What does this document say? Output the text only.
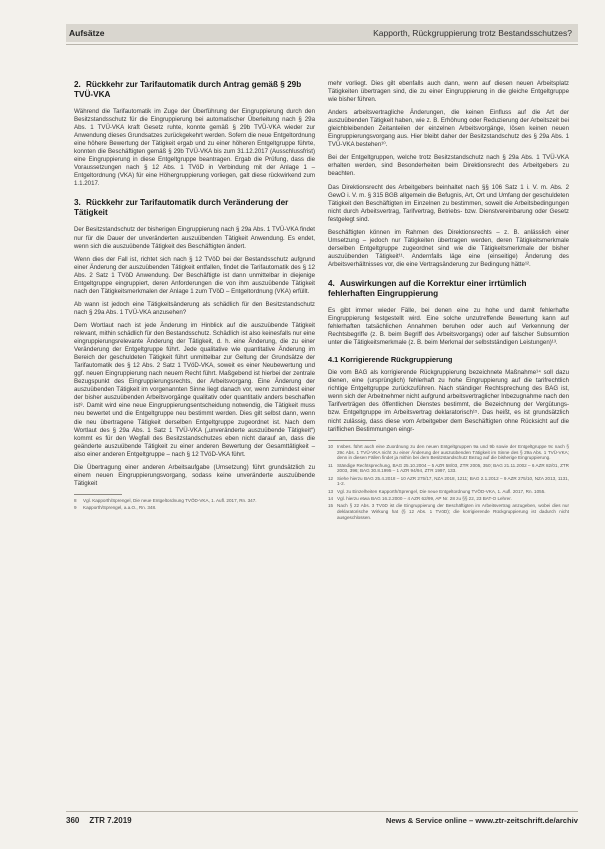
Aufsätze	Kapporth, Rückgruppierung trotz Bestandsschutzes?
2. Rückkehr zur Tarifautomatik durch Antrag gemäß § 29b TVÜ-VKA

Während die Tarifautomatik im Zuge der Überführung der Eingruppierung durch den Besitzstandsschutz für die Eingruppierung bei automatischer Überleitung nach § 29a Abs. 1 TVÜ-VKA kraft Gesetz ruhte, konnte gemäß § 29b TVÜ-VKA wieder zur Anwendung dieses Grundsatzes zurückgekehrt werden. Sofern die neue Entgeltordnung eine höhere Bewertung der Tätigkeit ergab und zu einer höheren Entgeltgruppe führte, konnten die Beschäftigten gemäß § 29b TVÜ-VKA bis zum 31.12.2017 (Ausschlussfrist) eine Eingruppierung in diese Entgeltgruppe beantragen. Ergab die Prüfung, dass die Voraussetzungen nach § 12 Abs. 1 TVöD in Verbindung mit der Anlage 1 – Entgeltordnung (VKA) für eine Höhergruppierung vorliegen, galt diese rückwirkend zum 1.1.2017.

3. Rückkehr zur Tarifautomatik durch Veränderung der Tätigkeit

Der Besitzstandschutz der bisherigen Eingruppierung nach § 29a Abs. 1 TVÜ-VKA findet nur für die Dauer der unveränderten auszuübenden Tätigkeit Anwendung. Es endet, wenn sich die auszuübende Tätigkeit des Beschäftigten ändert.

Wenn dies der Fall ist, richtet sich nach § 12 TVöD bei der Bestandsschutz aufgrund einer Änderung der auszuübenden Tätigkeit entfallen, findet die Tarifautomatik des § 12 Abs. 2 Satz 1 TVöD Anwendung. Der Beschäftigte ist dann unmittelbar in diejenige Entgeltgruppe eingruppiert, deren Anforderungen die von ihm auszuübende Tätigkeit nach den Tätigkeitsmerkmalen der Anlage 1 zum TVöD – Entgeltordnung (VKA) erfüllt.

Ab wann ist jedoch eine Tätigkeitsänderung als schädlich für den Besitzstandschutz nach § 29a Abs. 1 TVÜ-VKA anzusehen?

Dem Wortlaut nach ist jede Änderung im Hinblick auf die auszuübende Tätigkeit relevant, mithin schädlich für den Bestandsschutz. Schädlich ist also keinesfalls nur eine eingruppierungsrelevante Änderung der Tätigkeit, d. h. eine Änderung, die zu einer Veränderung der Entgeltgruppe führt. Jede qualitative wie quantitative Änderung im Bereich der geschuldeten Tätigkeit führt unmittelbar zur Geltung der Grundsätze der Tarifautomatik des § 12 Abs. 2 Satz 1 TVöD-VKA, soweit es einer Neubewertung und ggf. neuen Eingruppierung nach neuem Recht führt. Maßgebend ist hierbei der zentrale Bezugspunkt des Eingruppierungsrechts, der Arbeitsvorgang. Eine Änderung der auszuübenden Tätigkeit im vorgenannten Sinne liegt danach vor, wenn zumindest einer der bisher auszuübenden Arbeitsvorgänge qualitativ oder quantitativ anders beschaffen ist⁸. Damit wird eine neue Eingruppierungsentscheidung notwendig, die Tätigkeit muss neu bewertet und die Entgeltgruppe neu bestimmt werden. Dies gilt selbst dann, wenn die neu übertragene Tätigkeit derselben Entgeltgruppe zugeordnet ist. Nach dem Wortlaut des § 29a Abs. 1 Satz 1 TVÜ-VKA („unveränderte auszuübende Tätigkeit“) kommt es für den Wegfall des Besitzstandschutzes eben nicht darauf an, dass die geänderte auszuübende Tätigkeit zu einer anderen Bewertung der Gesamttätigkeit – also einer anderen Entgeltgruppe – nach § 12 TVöD-VKA führt.

Die Übertragung einer anderen Arbeitsaufgabe (Umsetzung) führt grundsätzlich zu einem neuen Eingruppierungsvorgang, sodass keine unveränderte auszuübende Tätigkeit

8	Vgl. Kapporth/Sprengel, Die neue Entgeltordnung TVÖD-VKA, 1. Aufl. 2017, Rn. 347.
9	Kapporth/Sprengel, a.a.O., Rn. 348.

mehr vorliegt. Dies gilt ebenfalls auch dann, wenn auf diesen neuen Arbeitsplatz Tätigkeiten übertragen sind, die zu einer Eingruppierung in die gleiche Entgeltgruppe wie bisher führen.

Anders arbeitsvertragliche Änderungen, die keinen Einfluss auf die Art der auszuübenden Tätigkeit haben, wie z. B. Erhöhung oder Reduzierung der Arbeitszeit bei gleichbleibenden Zeitanteilen der einzelnen Arbeitsvorgänge, lösen keinen neuen Eingruppierungsvorgang aus. Hier bleibt daher der Besitzstandschutz des § 29a Abs. 1 TVÜ-VKA bestehen¹⁰.

Bei der Entgeltgruppen, welche trotz Besitzstandschutz nach § 29a Abs. 1 TVÜ-VKA erhalten werden, sind Besonderheiten beim Direktionsrecht des Arbeitgebers zu beachten.

Das Direktionsrecht des Arbeitgebers beinhaltet nach §§ 106 Satz 1 i. V. m. Abs. 2 GewO i. V. m. § 315 BGB allgemein die Befugnis, Art, Ort und Umfang der geschuldeten Tätigkeit den Beschäftigten im Einzelnen zu bestimmen, soweit die Arbeitsbedingungen nicht durch Arbeitsvertrag, Tarifvertrag, Betriebs- bzw. Dienstvereinbarung oder Gesetz festgelegt sind.

Beschäftigten können im Rahmen des Direktionsrechts – z. B. anlässlich einer Umsetzung – jedoch nur Tätigkeiten übertragen werden, deren Tätigkeitsmerkmale derselben Entgeltgruppe zugeordnet sind wie die Tätigkeitsmerkmale der bisher auszuübenden Tätigkeit¹¹. Andernfalls läge eine (einseitige) Änderung des Arbeitsverhältnisses vor, die eine Vertragsänderung zur Bedingung hätte¹².

4. Auswirkungen auf die Korrektur einer irrtümlich fehlerhaften Eingruppierung

Es gibt immer wieder Fälle, bei denen eine zu hohe und damit fehlerhafte Eingruppierung festgestellt wird. Eine solche unzutreffende Bewertung kann auf fehlerhaften tatsächlichen Annahmen beruhen oder auch auf Verkennung der Rechtsbegriffe (z. B. beim Begriff des Arbeitsvorgangs) oder auf falscher Subsumtion unter die Tätigkeitsmerkmale (z. B. beim Merkmal der selbstständigen Leistungen)¹³.

4.1 Korrigierende Rückgruppierung

Die vom BAG als korrigierende Rückgruppierung bezeichnete Maßnahme¹⁴ soll dazu dienen, eine (ursprünglich) fehlerhaft zu hohe Eingruppierung auf die tarifrechtlich richtige Entgeltgruppe zurückzuführen. Nach ständiger Rechtsprechung des BAG ist, wenn sich der Arbeitnehmer nicht aufgrund arbeitsvertraglicher Inbezugnahme nach den Tarifverträgen des öffentlichen Dienstes bestimmt, die Bezeichnung der Vergütungs- bzw. Entgeltgruppe im Arbeitsvertrag deklaratorisch¹⁵. Das heißt, es ist grundsätzlich nicht zulässig, dass diese vom Arbeitgeber dem Beschäftigten ohne Rücksicht auf die tariflichen Bestimmungen eingr-

10 Insbes. führt auch eine Zuordnung zu den neuen Entgeltgruppen 9a und 9b sowie der Entgeltgruppe 9c nach § 29c Abs. 1 TVÜ-VKA nicht zu einer Änderung der auszuübenden Tätigkeit im Sinne des § 29a Abs. 1 TVÜ-VKA; denn in diesen Fällen findet ja mithin bei dem Besitzstandschutz Bezug auf die bisherige Eingruppierung.
11 Ständige Rechtsprechung, BAG 25.10.2004 – 5 AZR 58/03, ZTR 2005, 350; BAG 21.11.2002 – 6 AZR 82/01, ZTR 2003, 396; BAG 30.8.1995 – 1 AZR 94/94, ZTR 1997, 133.
12 Siehe hierzu BAG 25.4.2018 – 10 AZR 275/17, NZA 2018, 1211; BAG 2.1.2012 – 9 AZR 275/10, NZA 2013, 1131, 1-2.
13 Vgl. zu Einzelheiten Kapporth/Sprengel, Die neue Entgeltordnung TVÖD-VKA, 1. Aufl. 2017, Rn. 1055.
14 Vgl. hierzu etwa BAG 16.2.2000 – 4 AZR 62/99, AP Nr. 28 zu §§ 22, 23 BAT-O Lehrer.
15 Nach § 22 Abs. 3 TVöD ist die Eingruppierung der Beschäftigten im Arbeitsvertrag anzugeben, wobei dies nur deklaratorische Wirkung hat (§ 12 Abs. 1 TVöD); die korrigierende Rückgruppierung ist dadurch nicht ausgeschlossen.
360 ZTR 7.2019	News & Service online – www.ztr-zeitschrift.de/archiv
